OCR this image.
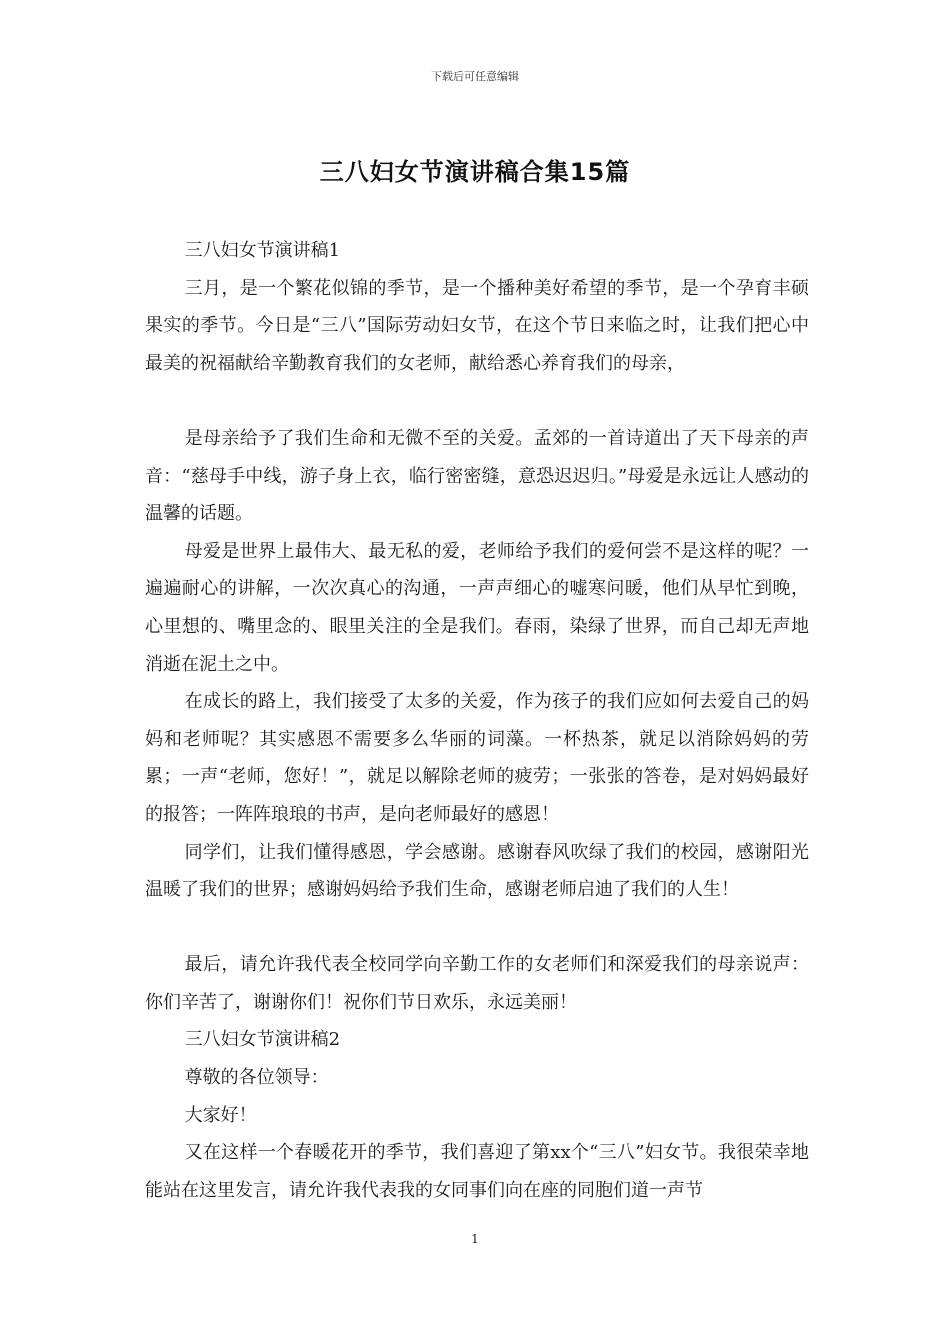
下载后可任意编辑
三八妇女节演讲稿合集15篇

三八妇女节演讲稿1

三月，是一个繁花似锦的季节，是一个播种美好希望的季节，是一个孕育丰硕果实的季节。今日是“三八”国际劳动妇女节，在这个节日来临之时，让我们把心中最美的祝福献给辛勤教育我们的女老师，献给悉心养育我们的母亲，

是母亲给予了我们生命和无微不至的关爱。孟郊的一首诗道出了天下母亲的声音：“慈母手中线，游子身上衣，临行密密缝，意恐迟迟归。”母爱是永远让人感动的温馨的话题。

母爱是世界上最伟大、最无私的爱，老师给予我们的爱何尝不是这样的呢？一遍遍耐心的讲解，一次次真心的沟通，一声声细心的嘘寒问暖，他们从早忙到晚，心里想的、嘴里念的、眼里关注的全是我们。春雨，染绿了世界，而自己却无声地消逝在泥土之中。

在成长的路上，我们接受了太多的关爱，作为孩子的我们应如何去爱自己的妈妈和老师呢？其实感恩不需要多么华丽的词藻。一杯热茶，就足以消除妈妈的劳累；一声“老师，您好！”，就足以解除老师的疲劳；一张张的答卷，是对妈妈最好的报答；一阵阵琅琅的书声，是向老师最好的感恩！

同学们，让我们懂得感恩，学会感谢。感谢春风吹绿了我们的校园，感谢阳光温暖了我们的世界；感谢妈妈给予我们生命，感谢老师启迪了我们的人生！

最后，请允许我代表全校同学向辛勤工作的女老师们和深爱我们的母亲说声：你们辛苦了，谢谢你们！祝你们节日欢乐，永远美丽！

三八妇女节演讲稿2

尊敬的各位领导：

大家好！

又在这样一个春暖花开的季节，我们喜迎了第xx个“三八”妇女节。我很荣幸地能站在这里发言，请允许我代表我的女同事们向在座的同胞们道一声节

1
